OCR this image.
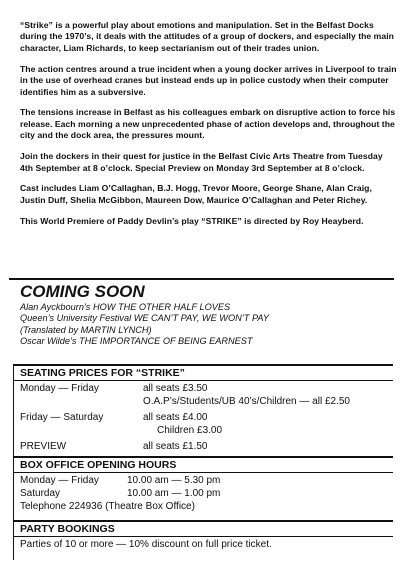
“Strike” is a powerful play about emotions and manipulation. Set in the Belfast Docks during the 1970’s, it deals with the attitudes of a group of dockers, and especially the main character, Liam Richards, to keep sectarianism out of their trades union.

The action centres around a true incident when a young docker arrives in Liverpool to train in the use of overhead cranes but instead ends up in police custody when their computer identifies him as a subversive.

The tensions increase in Belfast as his colleagues embark on disruptive action to force his release. Each morning a new unprecedented phase of action develops and, throughout the city and the dock area, the pressures mount.

Join the dockers in their quest for justice in the Belfast Civic Arts Theatre from Tuesday 4th September at 8 o’clock. Special Preview on Monday 3rd September at 8 o’clock.

Cast includes Liam O’Callaghan, B.J. Hogg, Trevor Moore, George Shane, Alan Craig, Justin Duff, Shelia McGibbon, Maureen Dow, Maurice O’Callaghan and Peter Richey.

This World Premiere of Paddy Devlin’s play “STRIKE” is directed by Roy Heayberd.

COMING SOON
Alan Ayckbourn’s HOW THE OTHER HALF LOVES
Queen’s University Festival WE CAN’T PAY, WE WON’T PAY
(Translated by MARTIN LYNCH)
Oscar Wilde’s THE IMPORTANCE OF BEING EARNEST
SEATING PRICES FOR “STRIKE”
Monday — Friday	all seats £3.50
O.A.P’s/Students/UB 40’s/Children — all £2.50
Friday — Saturday	all seats £4.00
Children £3.00
PREVIEW	all seats £1.50
BOX OFFICE OPENING HOURS
Monday — Friday	10.00 am — 5.30 pm
Saturday	10.00 am — 1.00 pm
Telephone 224936 (Theatre Box Office)
PARTY BOOKINGS
Parties of 10 or more — 10% discount on full price ticket.
